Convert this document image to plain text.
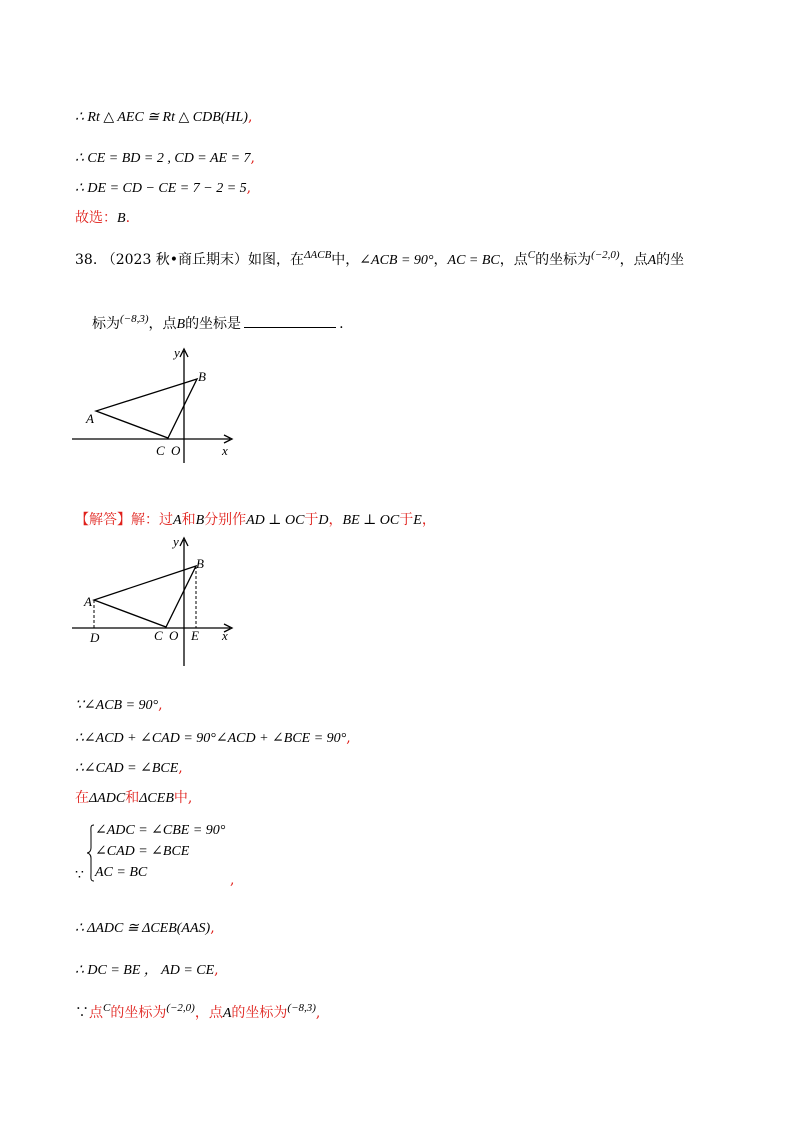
∴ Rt △ AEC ≅ Rt △ CDB(HL),
∴ CE = BD = 2 , CD = AE = 7,
∴ DE = CD − CE = 7 − 2 = 5,
故选：B.
38. （2023 秋•商丘期末）如图，在$^{\Delta ACB}$中，∠ACB = 90°，AC = BC，点$^C$的坐标为$^{(-2,0)}$，点A的坐
标为$^{(-8,3)}$，点B的坐标是	.
y
x
A
B
C O
【解答】解：过A和B分别作AD ⊥ OC于D，BE ⊥ OC于E，
y
x
A
B
C O
D	E
∵∠ACB = 90°,
∴∠ACD + ∠CAD = 90°∠ACD + ∠BCE = 90°,
∴∠CAD = ∠BCE,
在ΔADC和ΔCEB中,
∠ADC = ∠CBE = 90°
∠CAD = ∠BCE
AC = BC
∵	,
∴ ΔADC ≅ ΔCEB(AAS),
∴ DC = BE ， AD = CE,
∵点$^C$的坐标为$^{(-2,0)}$，点A的坐标为$^{(-8,3)}$,
